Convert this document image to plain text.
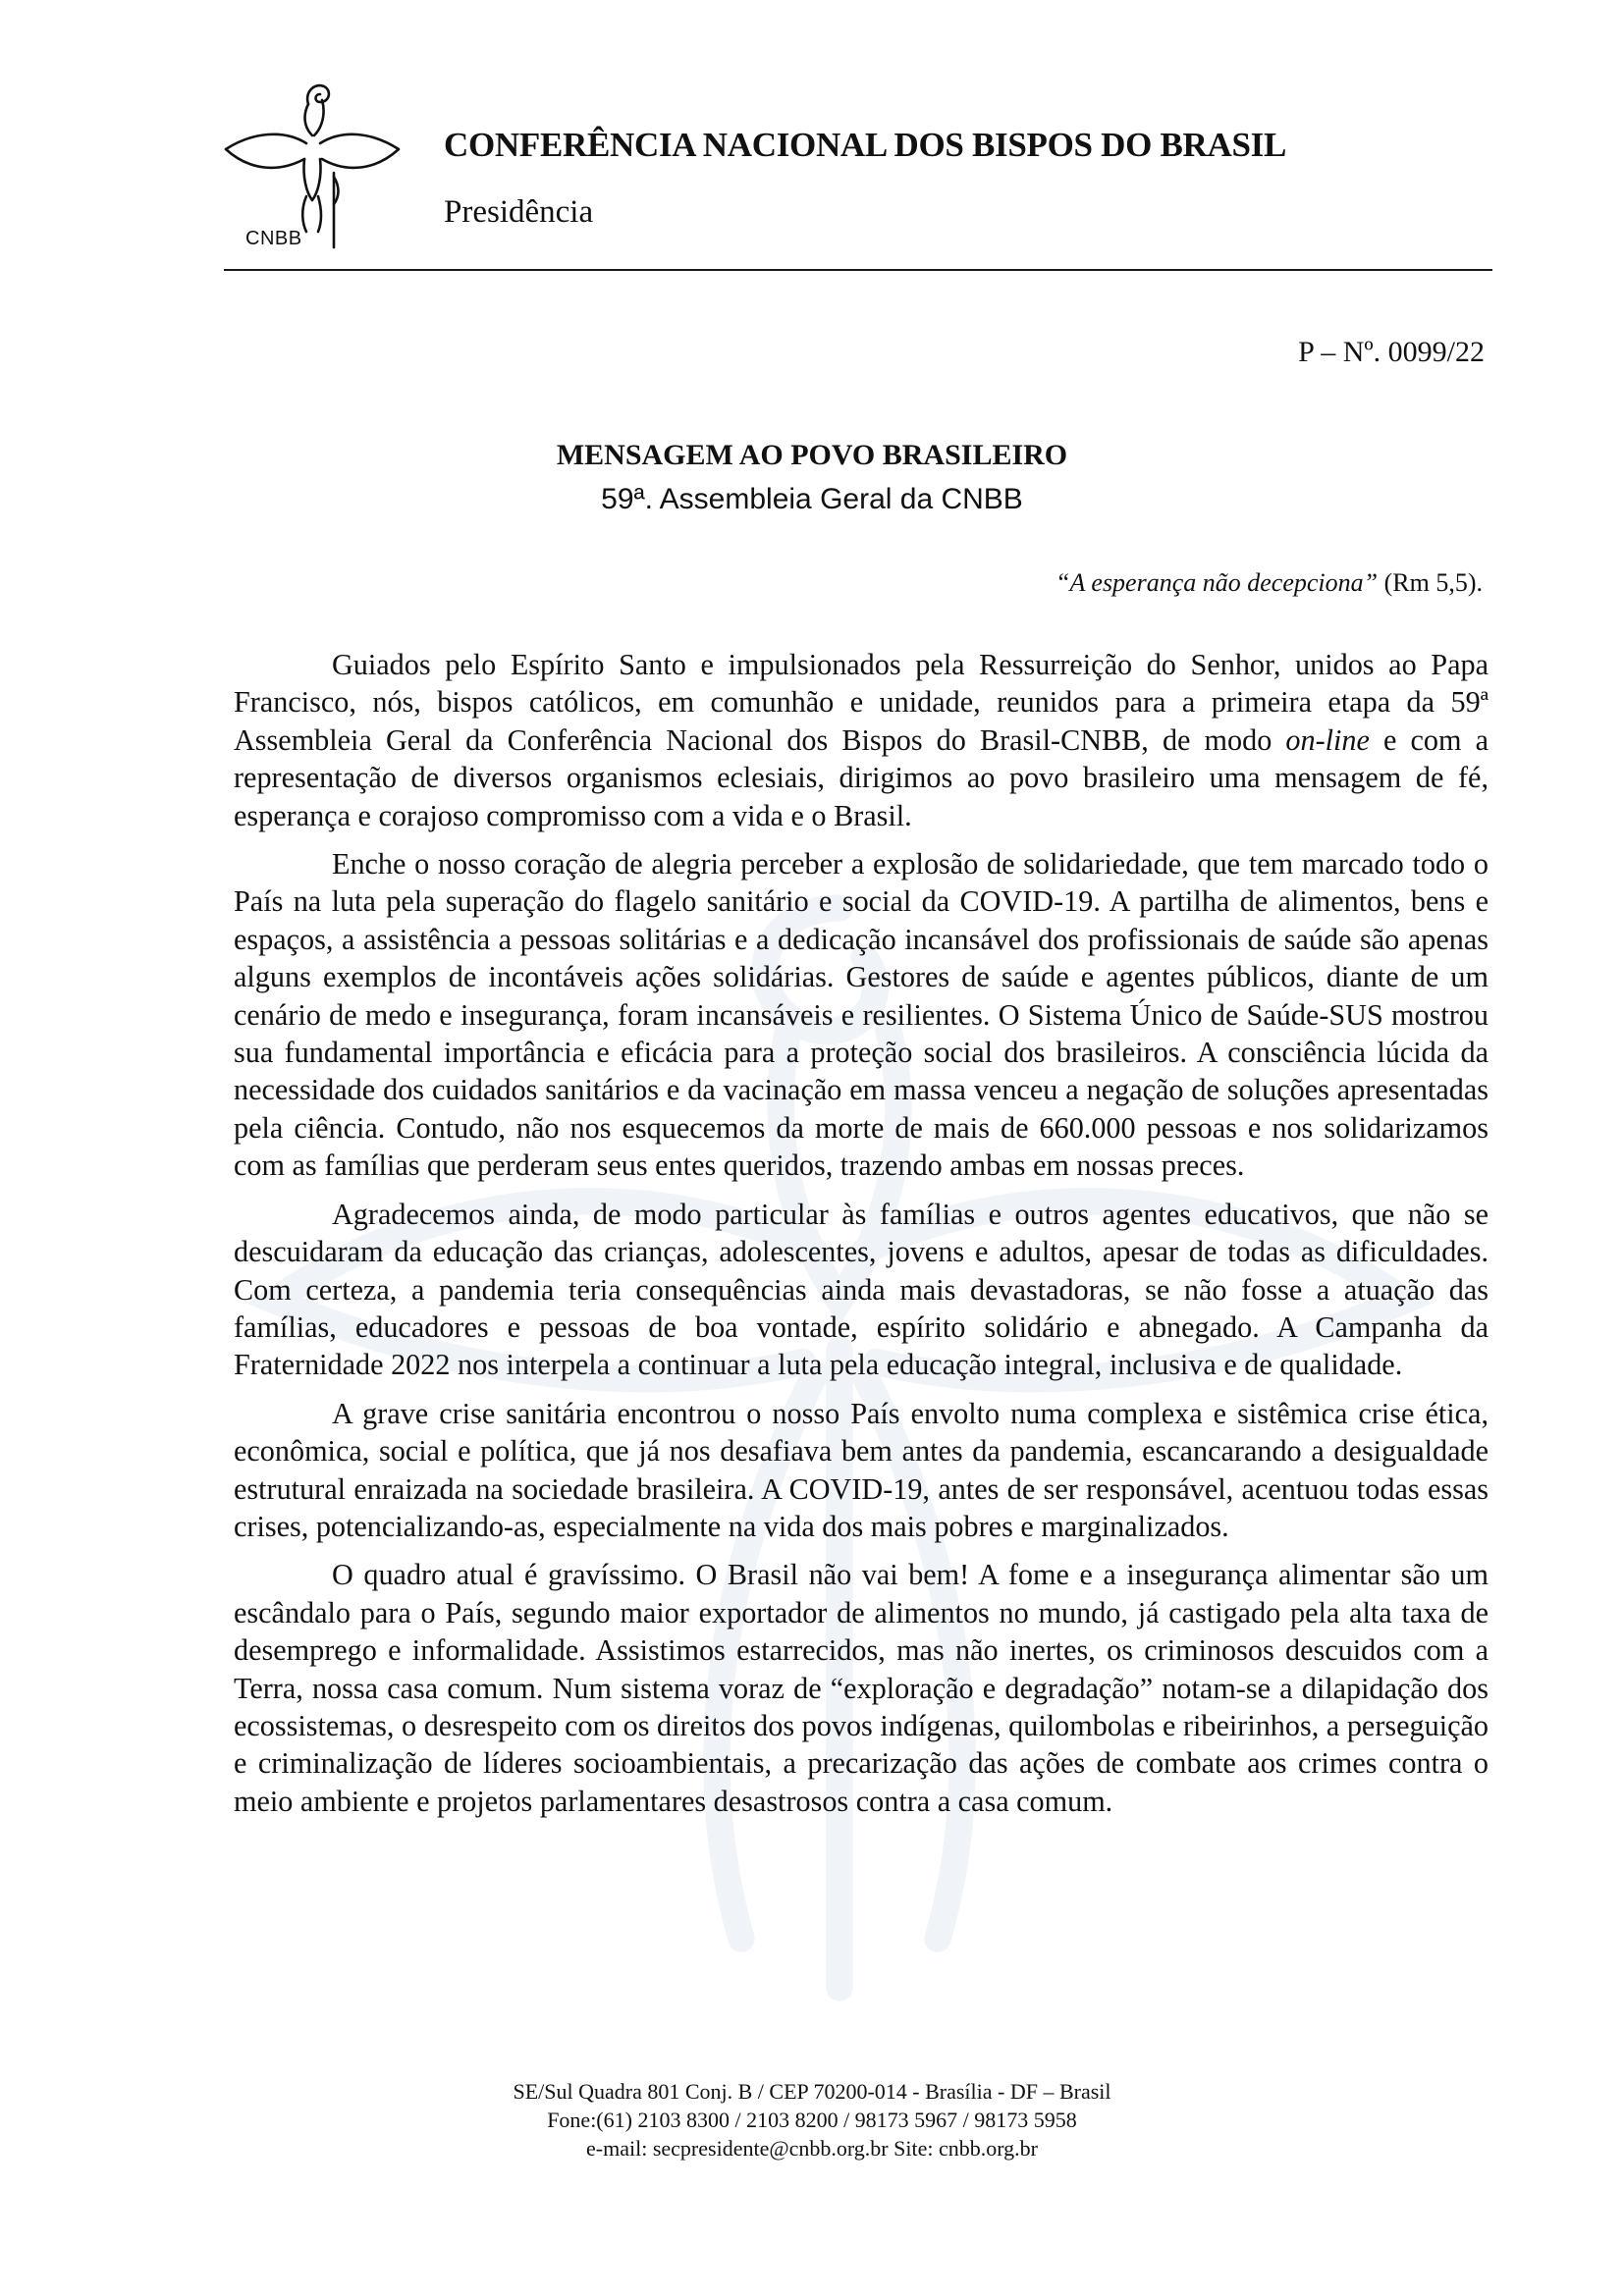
CNBB
CONFERÊNCIA NACIONAL DOS BISPOS DO BRASIL
Presidência
P – Nº. 0099/22
MENSAGEM AO POVO BRASILEIRO
59ª. Assembleia Geral da CNBB
“A esperança não decepciona” (Rm 5,5).

Guiados pelo Espírito Santo e impulsionados pela Ressurreição do Senhor, unidos ao Papa Francisco, nós, bispos católicos, em comunhão e unidade, reunidos para a primeira etapa da 59ª Assembleia Geral da Conferência Nacional dos Bispos do Brasil-CNBB, de modo on-line e com a representação de diversos organismos eclesiais, dirigimos ao povo brasileiro uma mensagem de fé, esperança e corajoso compromisso com a vida e o Brasil.

Enche o nosso coração de alegria perceber a explosão de solidariedade, que tem marcado todo o País na luta pela superação do flagelo sanitário e social da COVID-19. A partilha de alimentos, bens e espaços, a assistência a pessoas solitárias e a dedicação incansável dos profissionais de saúde são apenas alguns exemplos de incontáveis ações solidárias. Gestores de saúde e agentes públicos, diante de um cenário de medo e insegurança, foram incansáveis e resilientes. O Sistema Único de Saúde-SUS mostrou sua fundamental importância e eficácia para a proteção social dos brasileiros. A consciência lúcida da necessidade dos cuidados sanitários e da vacinação em massa venceu a negação de soluções apresentadas pela ciência. Contudo, não nos esquecemos da morte de mais de 660.000 pessoas e nos solidarizamos com as famílias que perderam seus entes queridos, trazendo ambas em nossas preces.

Agradecemos ainda, de modo particular às famílias e outros agentes educativos, que não se descuidaram da educação das crianças, adolescentes, jovens e adultos, apesar de todas as dificuldades. Com certeza, a pandemia teria consequências ainda mais devastadoras, se não fosse a atuação das famílias, educadores e pessoas de boa vontade, espírito solidário e abnegado. A Campanha da Fraternidade 2022 nos interpela a continuar a luta pela educação integral, inclusiva e de qualidade.

A grave crise sanitária encontrou o nosso País envolto numa complexa e sistêmica crise ética, econômica, social e política, que já nos desafiava bem antes da pandemia, escancarando a desigualdade estrutural enraizada na sociedade brasileira. A COVID-19, antes de ser responsável, acentuou todas essas crises, potencializando-as, especialmente na vida dos mais pobres e marginalizados.

O quadro atual é gravíssimo. O Brasil não vai bem! A fome e a insegurança alimentar são um escândalo para o País, segundo maior exportador de alimentos no mundo, já castigado pela alta taxa de desemprego e informalidade. Assistimos estarrecidos, mas não inertes, os criminosos descuidos com a Terra, nossa casa comum. Num sistema voraz de “exploração e degradação” notam-se a dilapidação dos ecossistemas, o desrespeito com os direitos dos povos indígenas, quilombolas e ribeirinhos, a perseguição e criminalização de líderes socioambientais, a precarização das ações de combate aos crimes contra o meio ambiente e projetos parlamentares desastrosos contra a casa comum.

SE/Sul Quadra 801 Conj. B / CEP 70200-014 - Brasília - DF – Brasil
Fone:(61) 2103 8300 / 2103 8200 / 98173 5967 / 98173 5958
e-mail: secpresidente@cnbb.org.br Site: cnbb.org.br
